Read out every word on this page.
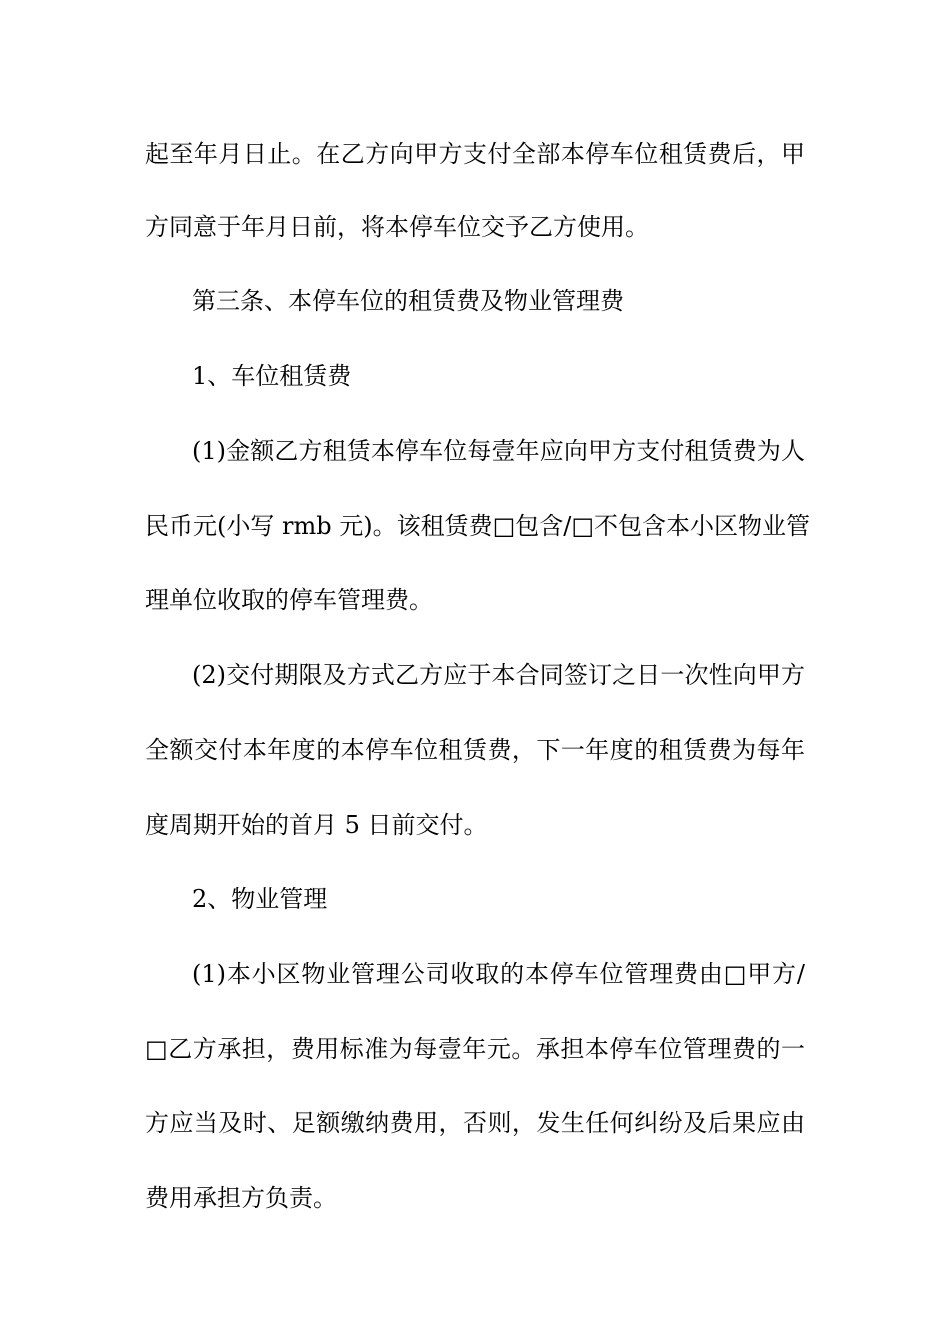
起至年月日止。在乙方向甲方支付全部本停车位租赁费后，甲
方同意于年月日前，将本停车位交予乙方使用。
第三条、本停车位的租赁费及物业管理费
1、车位租赁费
(1)金额乙方租赁本停车位每壹年应向甲方支付租赁费为人
民币元(小写 rmb 元)。该租赁费□包含/□不包含本小区物业管
理单位收取的停车管理费。
(2)交付期限及方式乙方应于本合同签订之日一次性向甲方
全额交付本年度的本停车位租赁费，下一年度的租赁费为每年
度周期开始的首月 5 日前交付。
2、物业管理
(1)本小区物业管理公司收取的本停车位管理费由□甲方/
□乙方承担，费用标准为每壹年元。承担本停车位管理费的一
方应当及时、足额缴纳费用，否则，发生任何纠纷及后果应由
费用承担方负责。
